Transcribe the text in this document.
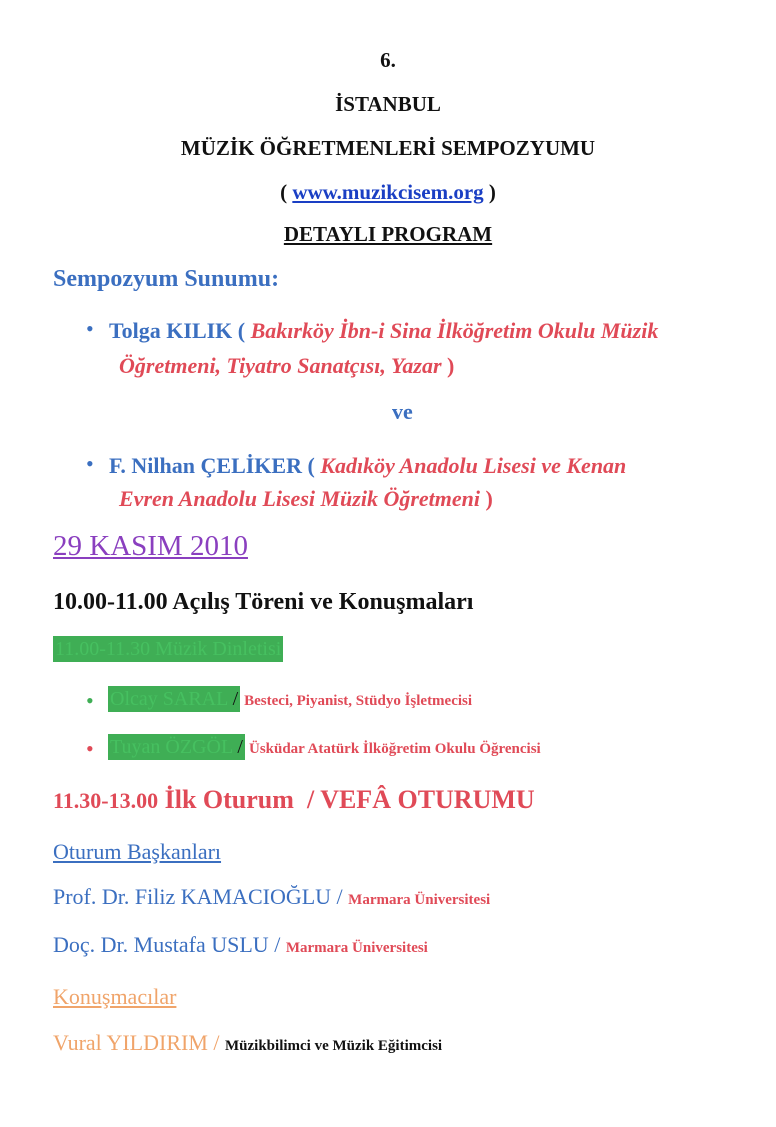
6.
İSTANBUL
MÜZİK ÖĞRETMENLERİ SEMPOZYUMU
( www.muzikcisem.org )
DETAYLI PROGRAM
Sempozyum Sunumu:
• Tolga KILIK ( Bakırköy İbn-i Sina İlköğretim Okulu Müzik
Öğretmeni, Tiyatro Sanatçısı, Yazar )
ve
• F. Nilhan ÇELİKER ( Kadıköy Anadolu Lisesi ve Kenan
Evren Anadolu Lisesi Müzik Öğretmeni )
29 KASIM 2010
10.00-11.00 Açılış Töreni ve Konuşmaları
11.00-11.30 Müzik Dinletisi
• Olcay SARAL / Besteci, Piyanist, Stüdyo İşletmecisi
• Tuyan ÖZGÖL / Üsküdar Atatürk İlköğretim Okulu Öğrencisi
11.30-13.00 İlk Oturum  / VEFÂ OTURUMU
Oturum Başkanları
Prof. Dr. Filiz KAMACIOĞLU / Marmara Üniversitesi
Doç. Dr. Mustafa USLU / Marmara Üniversitesi
Konuşmacılar
Vural YILDIRIM / Müzikbilimci ve Müzik Eğitimcisi
